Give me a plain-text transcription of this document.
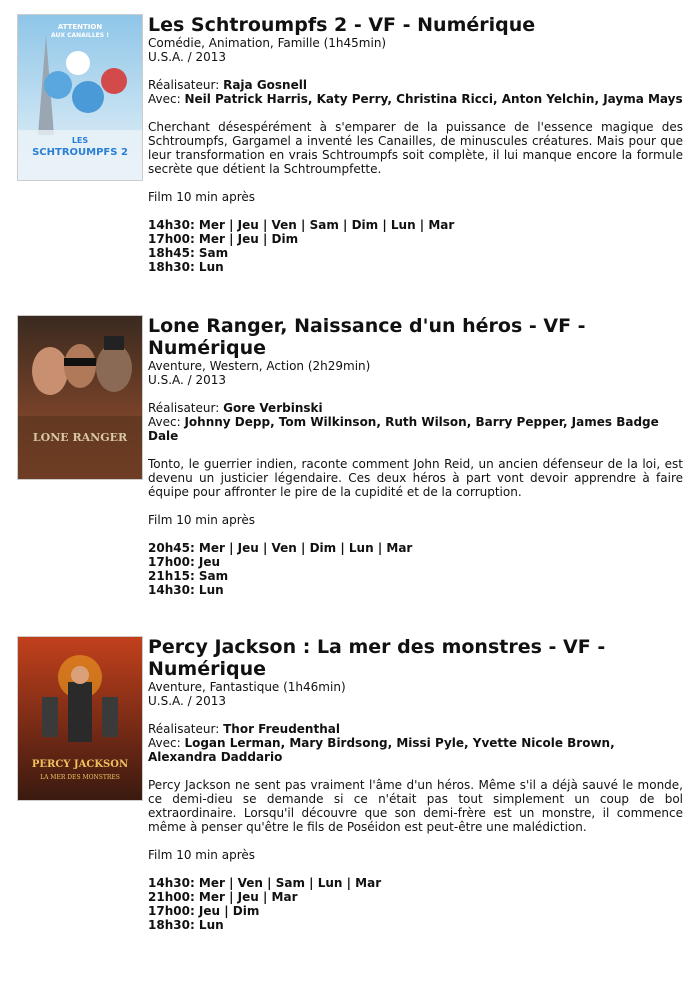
ATTENTION
AUX CANAILLES !
LES
SCHTROUMPFS 2
Les Schtroumpfs 2 - VF - Numérique
Comédie, Animation, Famille (1h45min)
U.S.A. / 2013
Réalisateur: Raja Gosnell
Avec: Neil Patrick Harris, Katy Perry, Christina Ricci, Anton Yelchin, Jayma Mays
Cherchant désespérément à s'emparer de la puissance de l'essence magique des Schtroumpfs, Gargamel a inventé les Canailles, de minuscules créatures. Mais pour que leur transformation en vrais Schtroumpfs soit complète, il lui manque encore la formule secrète que détient la Schtroumpfette.
Film 10 min après
14h30: Mer | Jeu | Ven | Sam | Dim | Lun | Mar
17h00: Mer | Jeu | Dim
18h45: Sam
18h30: Lun
LONE RANGER
Lone Ranger, Naissance d'un héros - VF - Numérique
Aventure, Western, Action (2h29min)
U.S.A. / 2013
Réalisateur: Gore Verbinski
Avec: Johnny Depp, Tom Wilkinson, Ruth Wilson, Barry Pepper, James Badge Dale
Tonto, le guerrier indien, raconte comment John Reid, un ancien défenseur de la loi, est devenu un justicier légendaire. Ces deux héros à part vont devoir apprendre à faire équipe pour affronter le pire de la cupidité et de la corruption.
Film 10 min après
20h45: Mer | Jeu | Ven | Dim | Lun | Mar
17h00: Jeu
21h15: Sam
14h30: Lun
PERCY JACKSON
LA MER DES MONSTRES
Percy Jackson : La mer des monstres - VF - Numérique
Aventure, Fantastique (1h46min)
U.S.A. / 2013
Réalisateur: Thor Freudenthal
Avec: Logan Lerman, Mary Birdsong, Missi Pyle, Yvette Nicole Brown, Alexandra Daddario
Percy Jackson ne sent pas vraiment l'âme d'un héros. Même s'il a déjà sauvé le monde, ce demi-dieu se demande si ce n'était pas tout simplement un coup de bol extraordinaire. Lorsqu'il découvre que son demi-frère est un monstre, il commence même à penser qu'être le fils de Poséidon est peut-être une malédiction.
Film 10 min après
14h30: Mer | Ven | Sam | Lun | Mar
21h00: Mer | Jeu | Mar
17h00: Jeu | Dim
18h30: Lun
